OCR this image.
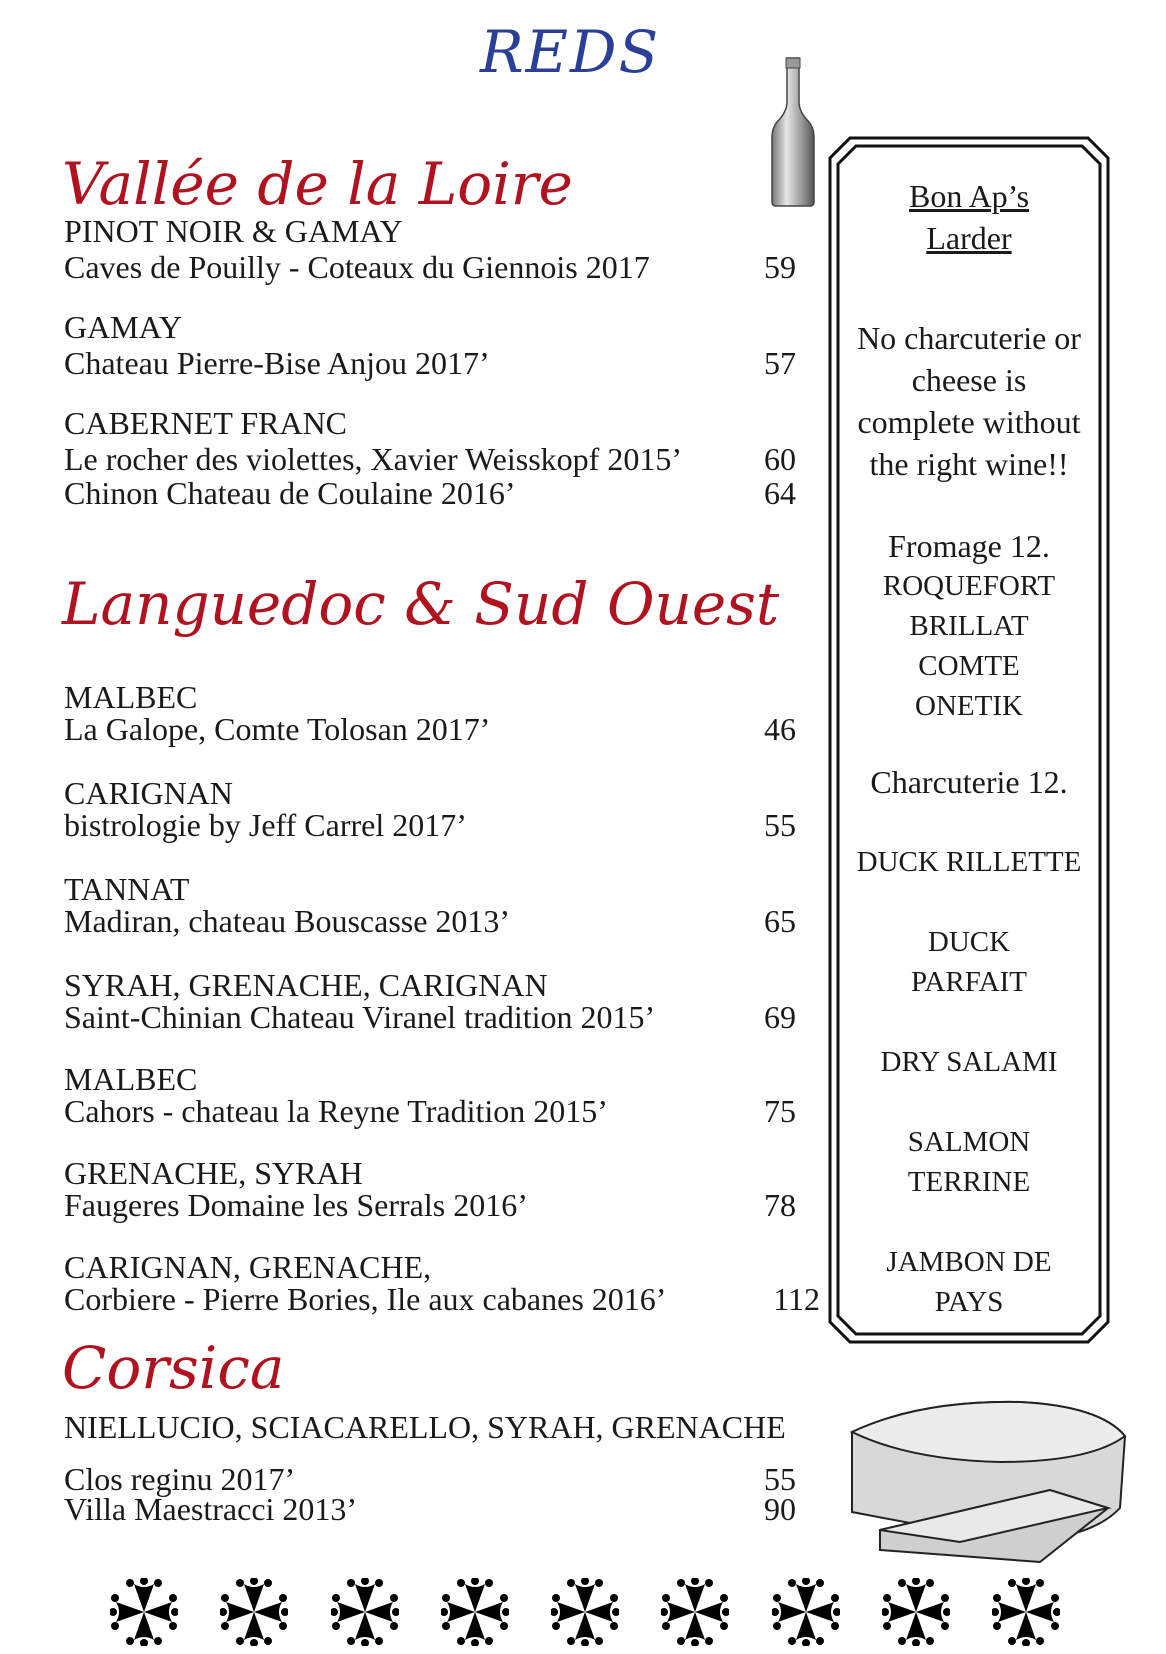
REDS
Vallée de la Loire
PINOT NOIR & GAMAY
Caves de Pouilly - Coteaux du Giennois 2017	59
GAMAY
Chateau Pierre-Bise Anjou 2017’	57
CABERNET FRANC
Le rocher des violettes, Xavier Weisskopf 2015’	60
Chinon Chateau de Coulaine 2016’	64
Languedoc & Sud Ouest
MALBEC
La Galope, Comte Tolosan 2017’	46
CARIGNAN
bistrologie by Jeff Carrel 2017’	55
TANNAT
Madiran, chateau Bouscasse 2013’	65
SYRAH, GRENACHE, CARIGNAN
Saint-Chinian Chateau Viranel tradition 2015’	69
MALBEC
Cahors - chateau la Reyne Tradition 2015’	75
GRENACHE, SYRAH
Faugeres Domaine les Serrals 2016’	78
CARIGNAN, GRENACHE,
Corbiere - Pierre Bories, Ile aux cabanes 2016’	112
Corsica
NIELLUCIO, SCIACARELLO, SYRAH, GRENACHE
Clos reginu 2017’	55
Villa Maestracci 2013’	90
Bon Ap’s
Larder
No charcuterie or
cheese is
complete without
the right wine!!
Fromage 12.
ROQUEFORT
BRILLAT
COMTE
ONETIK
Charcuterie 12.
DUCK RILLETTE
DUCK
PARFAIT
DRY SALAMI
SALMON
TERRINE
JAMBON DE
PAYS
